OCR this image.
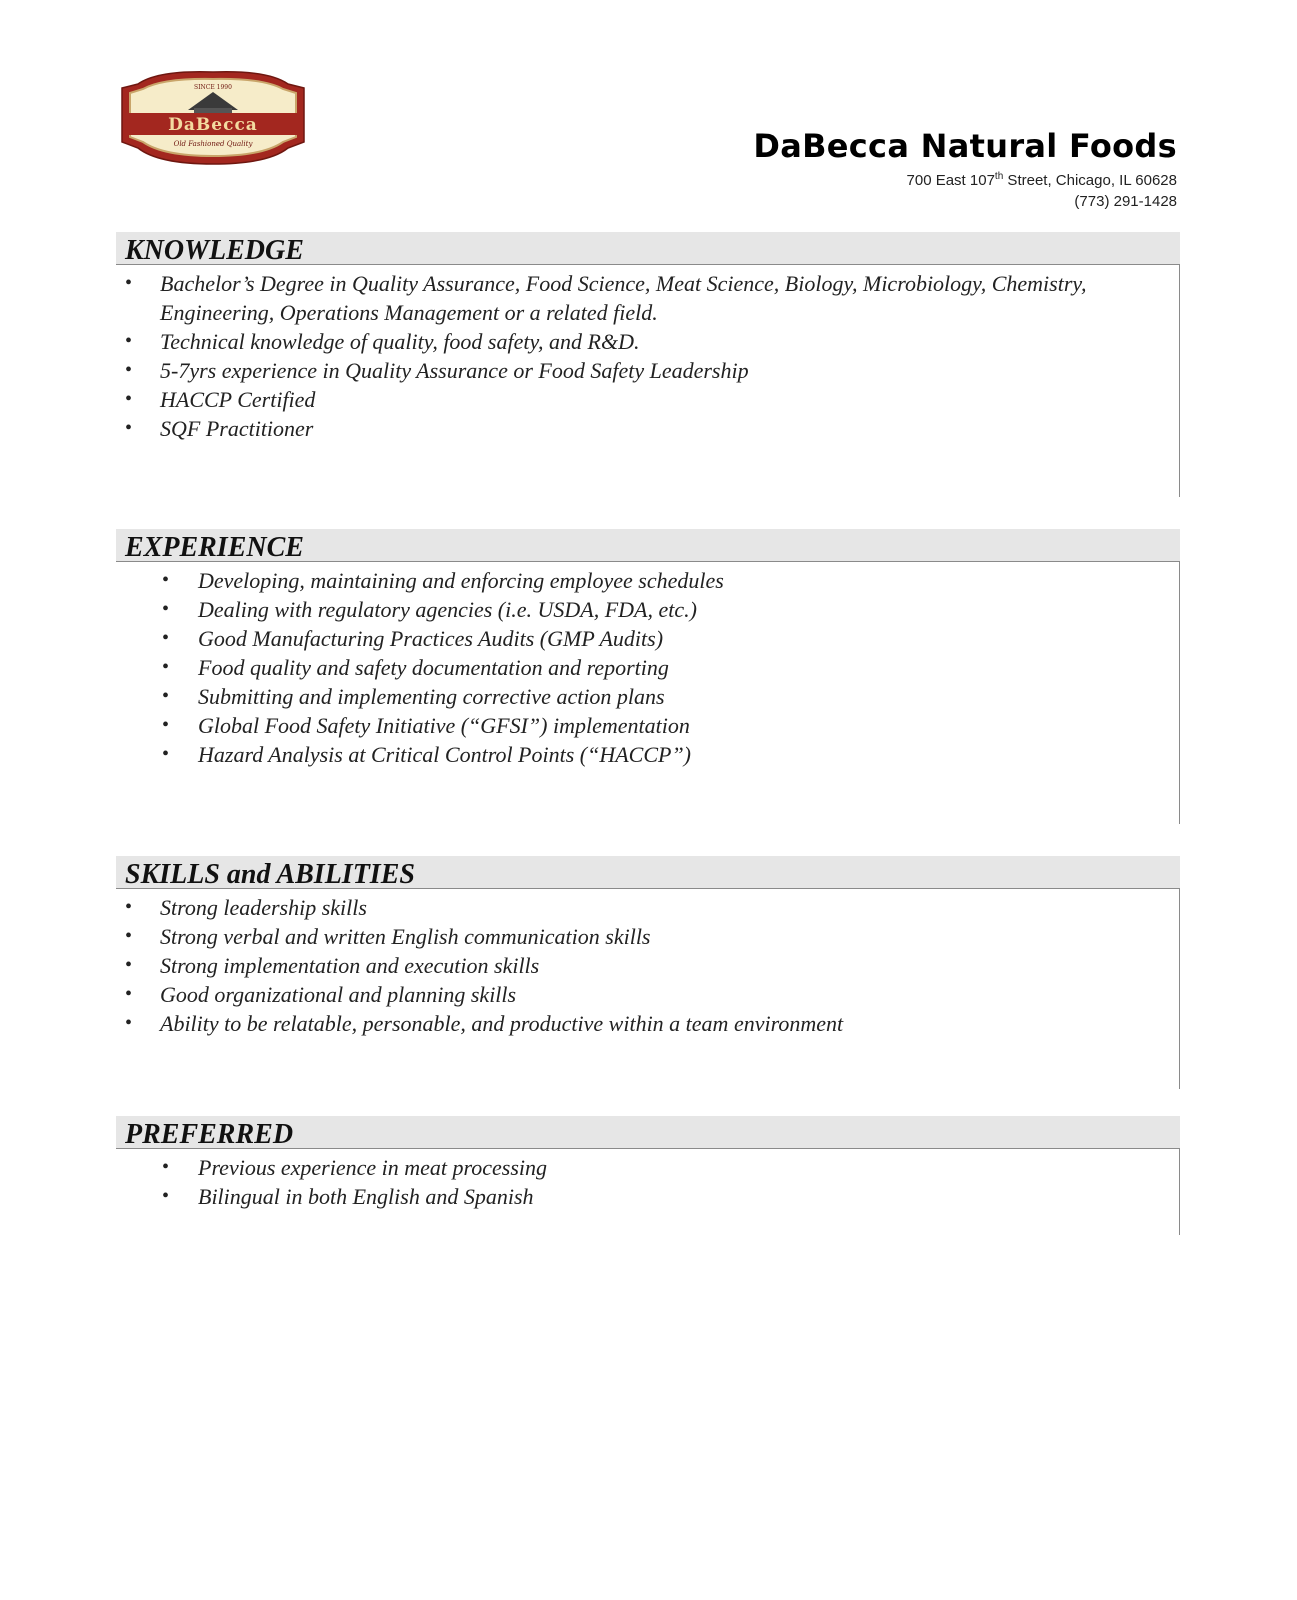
SINCE 1990
DaBecca
Old Fashioned Quality	DaBecca Natural Foods
700 East 107th Street, Chicago, IL 60628
(773) 291-1428
KNOWLEDGE
• Bachelor’s Degree in Quality Assurance, Food Science, Meat Science, Biology, Microbiology, Chemistry, Engineering, Operations Management or a related field.
• Technical knowledge of quality, food safety, and R&D.
• 5-7yrs experience in Quality Assurance or Food Safety Leadership
• HACCP Certified
• SQF Practitioner
EXPERIENCE
• Developing, maintaining and enforcing employee schedules
• Dealing with regulatory agencies (i.e. USDA, FDA, etc.)
• Good Manufacturing Practices Audits (GMP Audits)
• Food quality and safety documentation and reporting
• Submitting and implementing corrective action plans
• Global Food Safety Initiative (“GFSI”) implementation
• Hazard Analysis at Critical Control Points (“HACCP”)
SKILLS and ABILITIES
• Strong leadership skills
• Strong verbal and written English communication skills
• Strong implementation and execution skills
• Good organizational and planning skills
• Ability to be relatable, personable, and productive within a team environment
PREFERRED
• Previous experience in meat processing
• Bilingual in both English and Spanish
